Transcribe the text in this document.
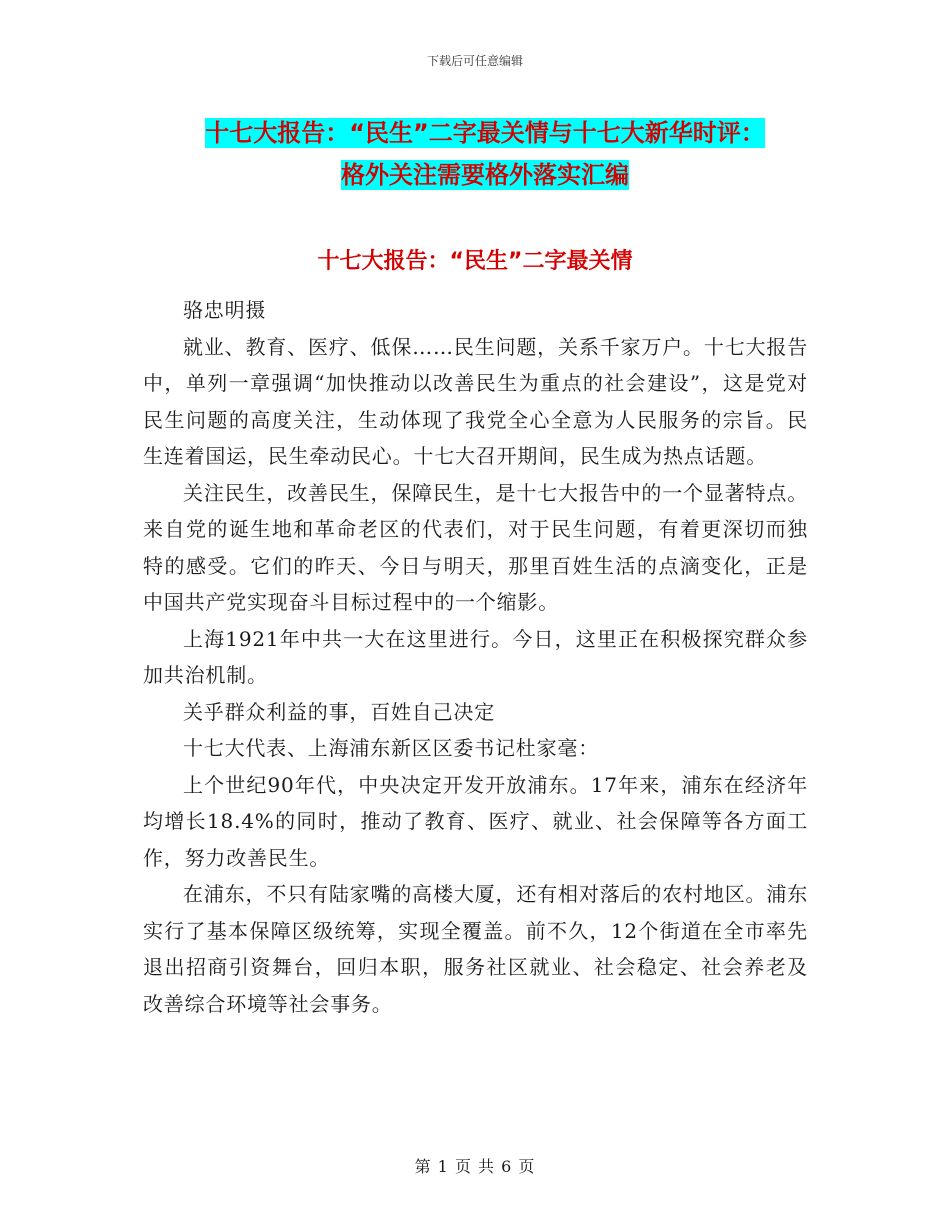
下载后可任意编辑
十七大报告：“民生”二字最关情与十七大新华时评：
格外关注需要格外落实汇编
十七大报告：“民生”二字最关情

骆忠明摄

就业、教育、医疗、低保……民生问题，关系千家万户。十七大报告中，单列一章强调“加快推动以改善民生为重点的社会建设”，这是党对民生问题的高度关注，生动体现了我党全心全意为人民服务的宗旨。民生连着国运，民生牵动民心。十七大召开期间，民生成为热点话题。

关注民生，改善民生，保障民生，是十七大报告中的一个显著特点。来自党的诞生地和革命老区的代表们，对于民生问题，有着更深切而独特的感受。它们的昨天、今日与明天，那里百姓生活的点滴变化，正是中国共产党实现奋斗目标过程中的一个缩影。

上海1921年中共一大在这里进行。今日，这里正在积极探究群众参加共治机制。

关乎群众利益的事，百姓自己决定

十七大代表、上海浦东新区区委书记杜家毫：

上个世纪90年代，中央决定开发开放浦东。17年来，浦东在经济年均增长18.4%的同时，推动了教育、医疗、就业、社会保障等各方面工作，努力改善民生。

在浦东，不只有陆家嘴的高楼大厦，还有相对落后的农村地区。浦东实行了基本保障区级统筹，实现全覆盖。前不久，12个街道在全市率先退出招商引资舞台，回归本职，服务社区就业、社会稳定、社会养老及改善综合环境等社会事务。

第 1 页 共 6 页
